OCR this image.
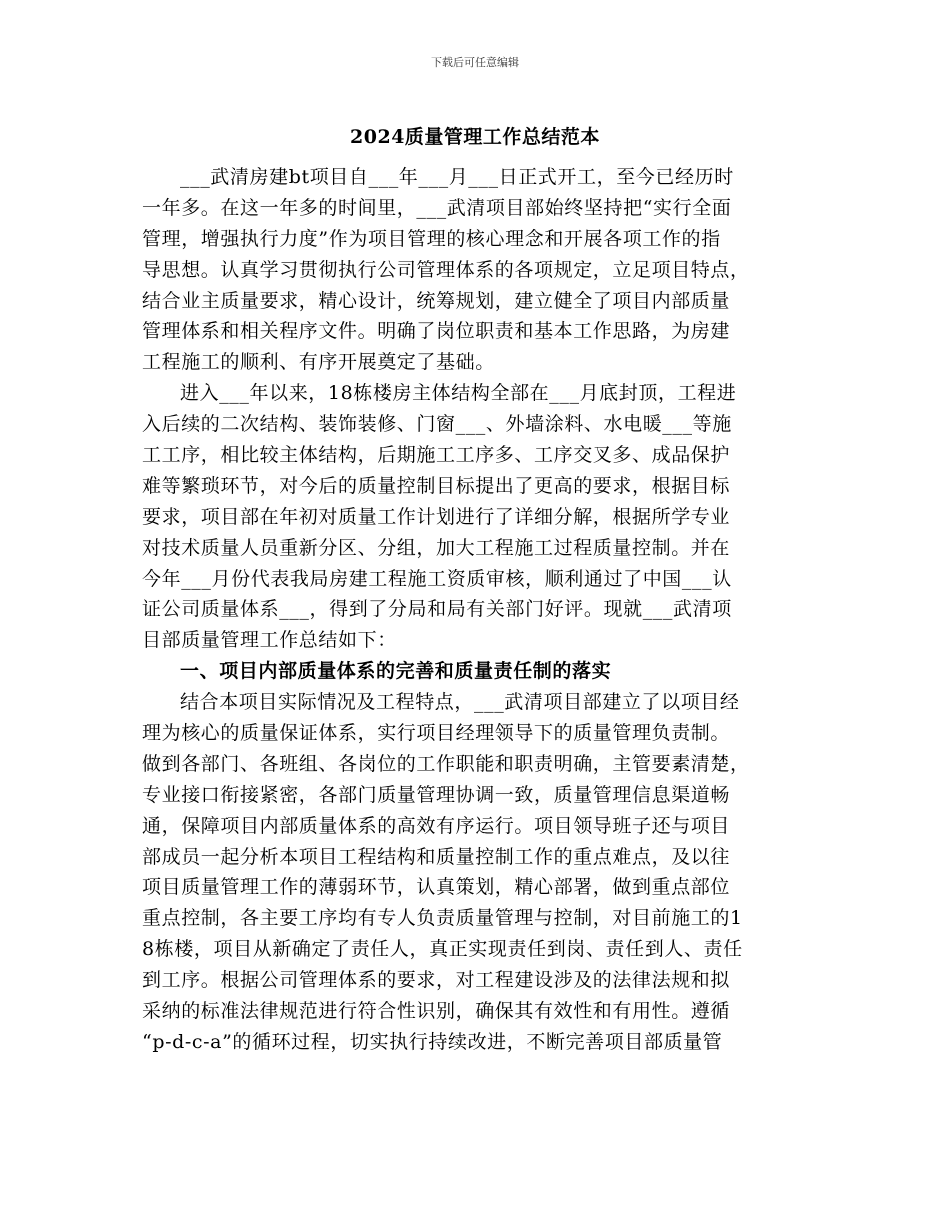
下载后可任意编辑
2024质量管理工作总结范本
___武清房建bt项目自___年___月___日正式开工，至今已经历时
一年多。在这一年多的时间里，___武清项目部始终坚持把“实行全面
管理，增强执行力度”作为项目管理的核心理念和开展各项工作的指
导思想。认真学习贯彻执行公司管理体系的各项规定，立足项目特点，
结合业主质量要求，精心设计，统筹规划，建立健全了项目内部质量
管理体系和相关程序文件。明确了岗位职责和基本工作思路，为房建
工程施工的顺利、有序开展奠定了基础。
进入___年以来，18栋楼房主体结构全部在___月底封顶，工程进
入后续的二次结构、装饰装修、门窗___、外墙涂料、水电暖___等施
工工序，相比较主体结构，后期施工工序多、工序交叉多、成品保护
难等繁琐环节，对今后的质量控制目标提出了更高的要求，根据目标
要求，项目部在年初对质量工作计划进行了详细分解，根据所学专业
对技术质量人员重新分区、分组，加大工程施工过程质量控制。并在
今年___月份代表我局房建工程施工资质审核，顺利通过了中国___认
证公司质量体系___，得到了分局和局有关部门好评。现就___武清项
目部质量管理工作总结如下：
一、项目内部质量体系的完善和质量责任制的落实
结合本项目实际情况及工程特点，___武清项目部建立了以项目经
理为核心的质量保证体系，实行项目经理领导下的质量管理负责制。
做到各部门、各班组、各岗位的工作职能和职责明确，主管要素清楚，
专业接口衔接紧密，各部门质量管理协调一致，质量管理信息渠道畅
通，保障项目内部质量体系的高效有序运行。项目领导班子还与项目
部成员一起分析本项目工程结构和质量控制工作的重点难点，及以往
项目质量管理工作的薄弱环节，认真策划，精心部署，做到重点部位
重点控制，各主要工序均有专人负责质量管理与控制，对目前施工的1
8栋楼，项目从新确定了责任人，真正实现责任到岗、责任到人、责任
到工序。根据公司管理体系的要求，对工程建设涉及的法律法规和拟
采纳的标准法律规范进行符合性识别，确保其有效性和有用性。遵循
“p-d-c-a”的循环过程，切实执行持续改进，不断完善项目部质量管
